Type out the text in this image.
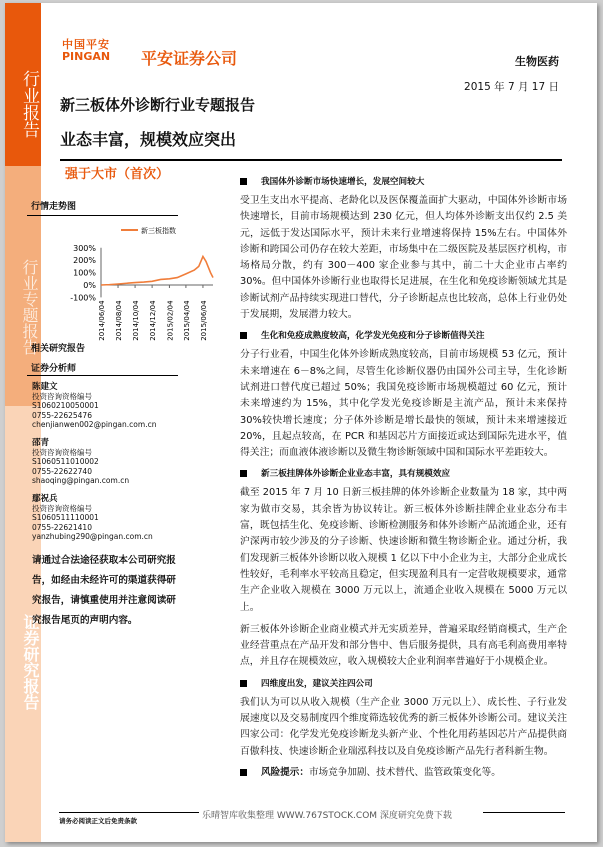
行业报告
行业专题报告
证券研究报告
中国平安
PINGAN 平安证券公司	生物医药
2015 年 7 月 17 日
新三板体外诊断行业专题报告
业态丰富，规模效应突出
强于大市（首次）
行情走势图
-100%
0%
100%
200%
300%
2014/06/04 2014/08/04 2014/10/04 2014/12/04 2015/02/04 2015/04/04 2015/06/04
新三板指数
相关研究报告
证券分析师
陈建文
投资咨询资格编号
S1060210050001
0755-22625476
chenjianwen002@pingan.com.cn
邵青
投资咨询资格编号
S1060511010002
0755-22622740
shaoqing@pingan.com.cn
鄢祝兵
投资咨询资格编号
S1060511110001
0755-22621410
yanzhubing290@pingan.com.cn
请通过合法途径获取本公司研究报告，如经由未经许可的渠道获得研究报告，请慎重使用并注意阅读研究报告尾页的声明内容。
我国体外诊断市场快速增长，发展空间较大
受卫生支出水平提高、老龄化以及医保覆盖面扩大驱动，中国体外诊断市场快速增长，目前市场规模达到 230 亿元，但人均体外诊断支出仅约 2.5 美元，远低于发达国际水平，预计未来行业增速将保持 15%左右。中国体外诊断和跨国公司仍存在较大差距，市场集中在二级医院及基层医疗机构，市场格局分散，约有 300－400 家企业参与其中，前二十大企业市占率约 30%。但中国体外诊断行业也取得长足进展，在生化和免疫诊断领域尤其是诊断试剂产品持续实现进口替代，分子诊断起点也比较高，总体上行业仍处于发展期，发展潜力较大。
生化和免疫成熟度较高，化学发光免疫和分子诊断值得关注
分子行业看，中国生化体外诊断成熟度较高，目前市场规模 53 亿元，预计未来增速在 6－8%之间，尽管生化诊断仪器仍由国外公司主导，生化诊断试剂进口替代度已超过 50%；我国免疫诊断市场规模超过 60 亿元，预计未来增速约为 15%，其中化学发光免疫诊断是主流产品，预计未来保持 30%较快增长速度；分子体外诊断是增长最快的领域，预计未来增速接近 20%，且起点较高，在 PCR 和基因芯片方面接近或达到国际先进水平，值得关注；而血液体液诊断以及微生物诊断领域中国和国际水平差距较大。
新三板挂牌体外诊断企业业态丰富，具有规模效应
截至 2015 年 7 月 10 日新三板挂牌的体外诊断企业数量为 18 家，其中两家为做市交易，其余皆为协议转让。新三板体外诊断挂牌企业业态分布丰富，既包括生化、免疫诊断、诊断检测服务和体外诊断产品流通企业，还有沪深两市较少涉及的分子诊断、快速诊断和微生物诊断企业。通过分析，我们发现新三板体外诊断以收入规模 1 亿以下中小企业为主，大部分企业成长性较好，毛利率水平较高且稳定，但实现盈利具有一定营收规模要求，通常生产企业收入规模在 3000 万元以上，流通企业收入规模在 5000 万元以上。
新三板体外诊断企业商业模式并无实质差异，普遍采取经销商模式，生产企业经营重点在产品开发和部分售中、售后服务提供，具有高毛利高费用率特点，并且存在规模效应，收入规模较大企业利润率普遍好于小规模企业。
四维度出发，建议关注四公司
我们认为可以从收入规模（生产企业 3000 万元以上）、成长性、子行业发展速度以及交易制度四个维度筛选较优秀的新三板体外诊断公司。建议关注四家公司：化学发光免疫诊断龙头新产业、个性化用药基因芯片产品提供商百傲科技、快速诊断企业瑞泓科技以及自免疫诊断产品先行者科新生物。
风险提示：市场竞争加剧、技术替代、监管政策变化等。
请务必阅读正文后免责条款	乐晴智库收集整理 WWW.767STOCK.COM 深度研究免费下载
